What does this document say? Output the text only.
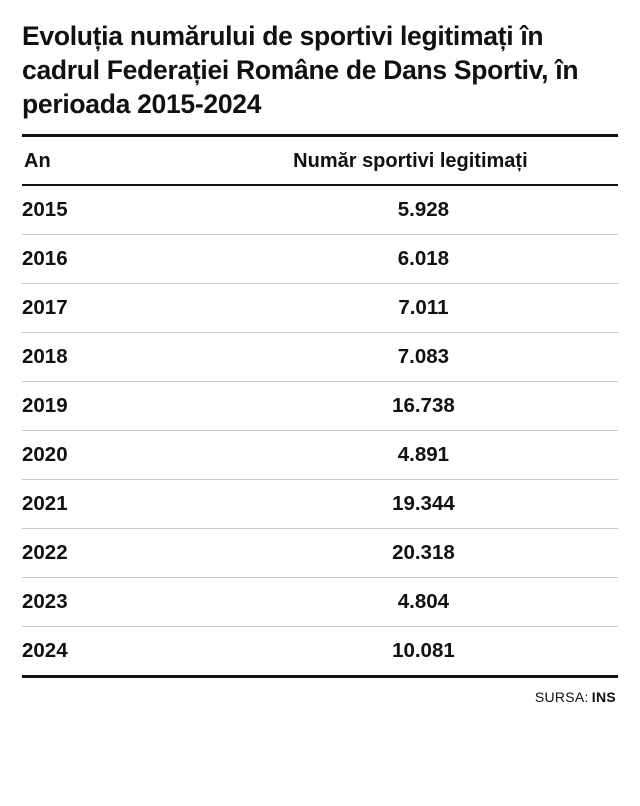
Evoluția numărului de sportivi legitimați în cadrul Federației Române de Dans Sportiv, în perioada 2015-2024
An	Număr sportivi legitimați
2015	5.928
2016	6.018
2017	7.011
2018	7.083
2019	16.738
2020	4.891
2021	19.344
2022	20.318
2023	4.804
2024	10.081
SURSA: INS
